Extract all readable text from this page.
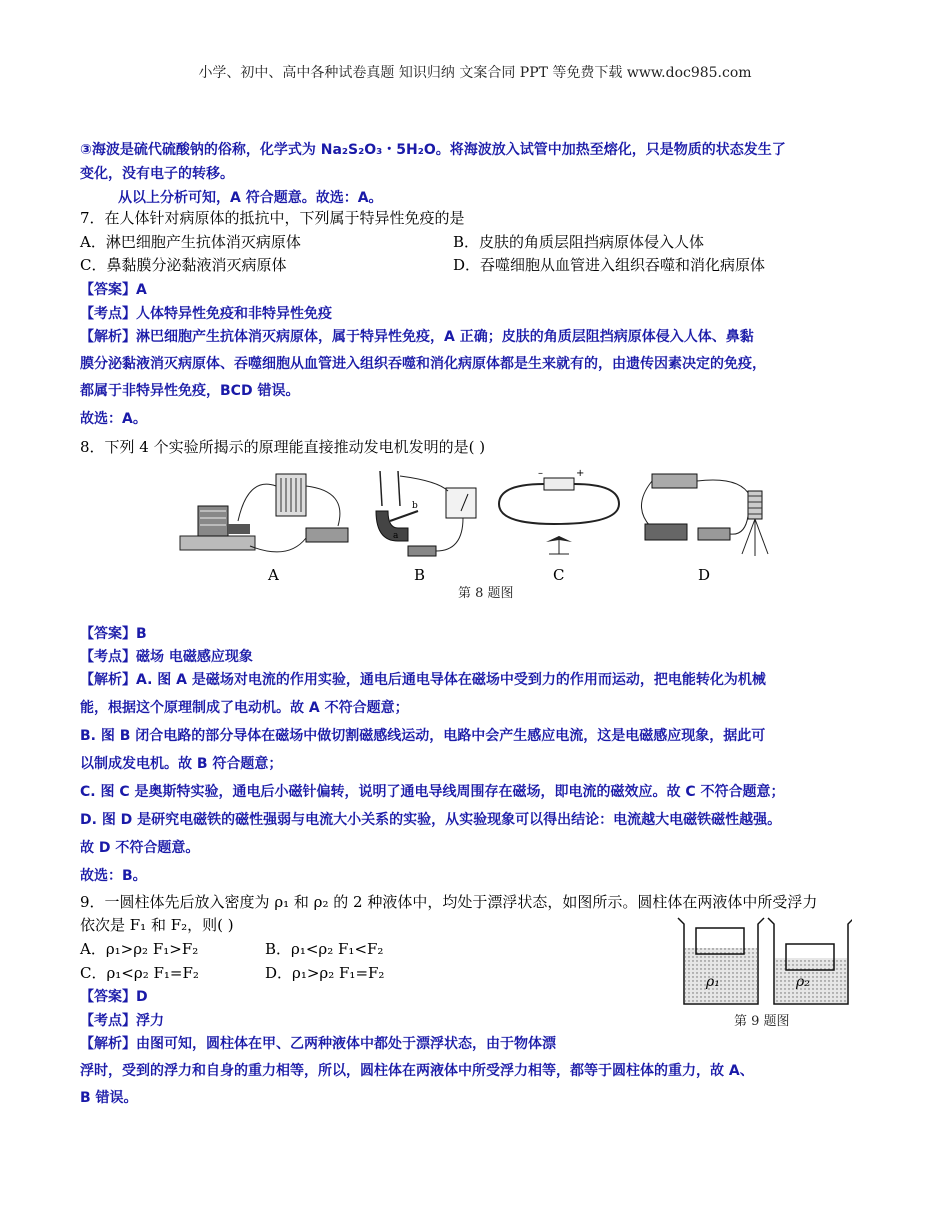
小学、初中、高中各种试卷真题 知识归纳 文案合同 PPT 等免费下载 www.doc985.com
③海波是硫代硫酸钠的俗称，化学式为 Na₂S₂O₃・5H₂O。将海波放入试管中加热至熔化，只是物质的状态发生了
变化，没有电子的转移。
从以上分析可知，A 符合题意。故选：A。
7．在人体针对病原体的抵抗中，下列属于特异性免疫的是
A．淋巴细胞产生抗体消灭病原体	B．皮肤的角质层阻挡病原体侵入人体
C．鼻黏膜分泌黏液消灭病原体	D．吞噬细胞从血管进入组织吞噬和消化病原体
【答案】A
【考点】人体特异性免疫和非特异性免疫
【解析】淋巴细胞产生抗体消灭病原体，属于特异性免疫，A 正确；皮肤的角质层阻挡病原体侵入人体、鼻黏
膜分泌黏液消灭病原体、吞噬细胞从血管进入组织吞噬和消化病原体都是生来就有的，由遗传因素决定的免疫，
都属于非特异性免疫，BCD 错误。
故选：A。
8．下列 4 个实验所揭示的原理能直接推动发电机发明的是( )
A
a
b
B
–	+
C	D
第 8 题图
【答案】B
【考点】磁场 电磁感应现象
【解析】A. 图 A 是磁场对电流的作用实验，通电后通电导体在磁场中受到力的作用而运动，把电能转化为机械
能，根据这个原理制成了电动机。故 A 不符合题意；
B. 图 B 闭合电路的部分导体在磁场中做切割磁感线运动，电路中会产生感应电流，这是电磁感应现象，据此可
以制成发电机。故 B 符合题意；
C. 图 C 是奥斯特实验，通电后小磁针偏转，说明了通电导线周围存在磁场，即电流的磁效应。故 C 不符合题意；
D. 图 D 是研究电磁铁的磁性强弱与电流大小关系的实验，从实验现象可以得出结论：电流越大电磁铁磁性越强。
故 D 不符合题意。
故选：B。
9．一圆柱体先后放入密度为 ρ₁ 和 ρ₂ 的 2 种液体中，均处于漂浮状态，如图所示。圆柱体在两液体中所受浮力
依次是 F₁ 和 F₂，则( )
A．ρ₁>ρ₂ F₁>F₂	B．ρ₁<ρ₂ F₁<F₂
C．ρ₁<ρ₂ F₁=F₂	D．ρ₁>ρ₂ F₁=F₂
【答案】D
【考点】浮力
【解析】由图可知，圆柱体在甲、乙两种液体中都处于漂浮状态，由于物体漂
浮时，受到的浮力和自身的重力相等，所以，圆柱体在两液体中所受浮力相等，都等于圆柱体的重力，故 A、
B 错误。
ρ₁	ρ₂
第 9 题图
